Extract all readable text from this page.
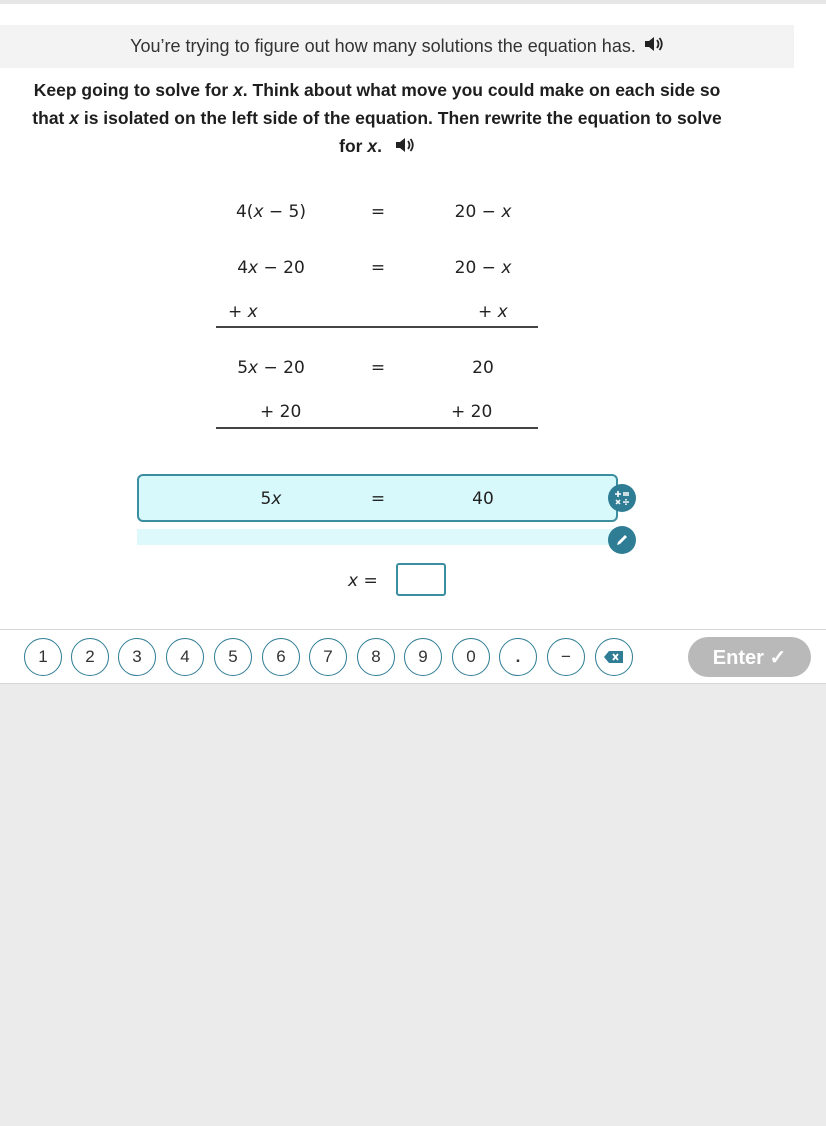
You’re trying to figure out how many solutions the equation has.
Keep going to solve for x. Think about what move you could make on each side so
that x is isolated on the left side of the equation. Then rewrite the equation to solve
for x.
4(x − 5)	=	20 − x
4x − 20	=	20 − x
+ x	+ x
5x − 20	=	20
+ 20	+ 20
5x	=	40
x =
1	2	3	4	5	6	7	8	9	0	.	−	Enter ✓
